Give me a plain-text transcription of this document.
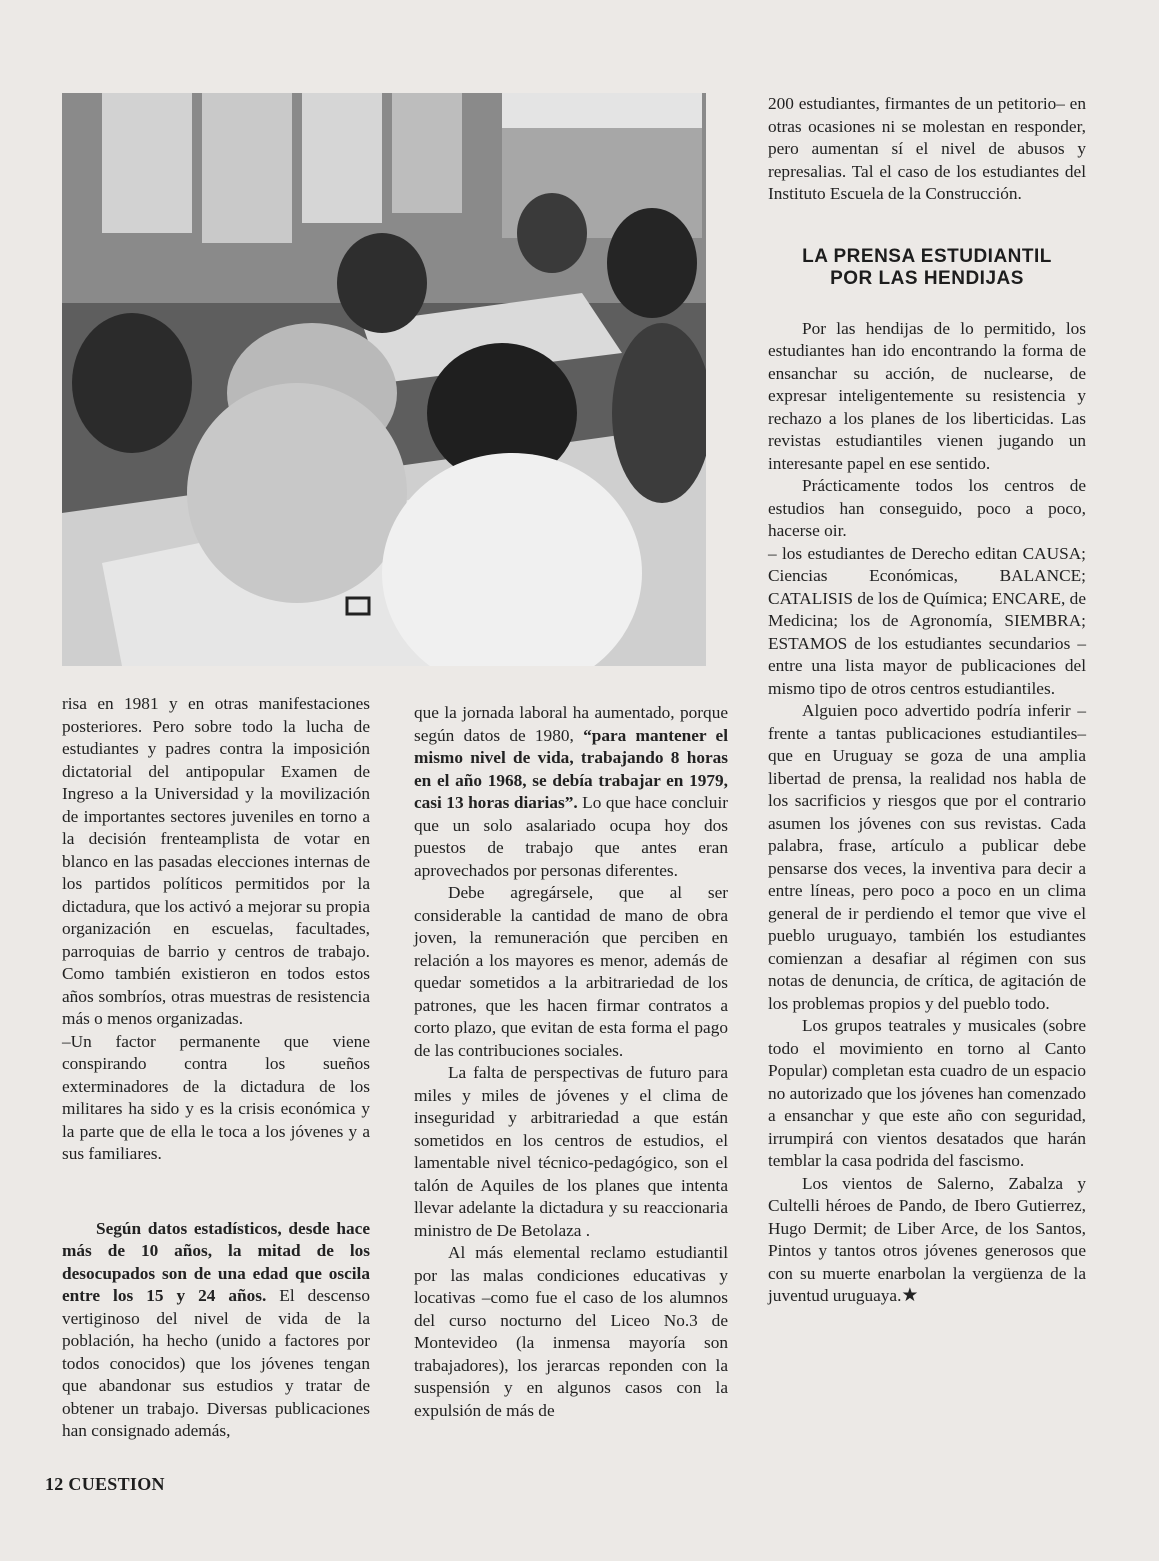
risa en 1981 y en otras manifestaciones posteriores. Pero sobre todo la lucha de estudiantes y padres contra la imposición dictatorial del antipopular Examen de Ingreso a la Universidad y la movilización de importantes sectores juveniles en torno a la decisión frenteamplista de votar en blanco en las pasadas elecciones internas de los partidos políticos permitidos por la dictadura, que los activó a mejorar su propia organización en escuelas, facultades, parroquias de barrio y centros de trabajo. Como también existieron en todos estos años sombríos, otras muestras de resistencia más o menos organizadas.

–Un factor permanente que viene conspirando contra los sueños exterminadores de la dictadura de los militares ha sido y es la crisis económica y la parte que de ella le toca a los jóvenes y a sus familiares.

Según datos estadísticos, desde hace más de 10 años, la mitad de los desocupados son de una edad que oscila entre los 15 y 24 años. El descenso vertiginoso del nivel de vida de la población, ha hecho (unido a factores por todos conocidos) que los jóvenes tengan que abandonar sus estudios y tratar de obtener un trabajo. Diversas publicaciones han consignado además,

que la jornada laboral ha aumentado, porque según datos de 1980, “para mantener el mismo nivel de vida, trabajando 8 horas en el año 1968, se debía trabajar en 1979, casi 13 horas diarias”. Lo que hace concluir que un solo asalariado ocupa hoy dos puestos de trabajo que antes eran aprovechados por personas diferentes.

Debe agregársele, que al ser considerable la cantidad de mano de obra joven, la remuneración que perciben en relación a los mayores es menor, además de quedar sometidos a la arbitrariedad de los patrones, que les hacen firmar contratos a corto plazo, que evitan de esta forma el pago de las contribuciones sociales.

La falta de perspectivas de futuro para miles y miles de jóvenes y el clima de inseguridad y arbitrariedad a que están sometidos en los centros de estudios, el lamentable nivel técnico-pedagógico, son el talón de Aquiles de los planes que intenta llevar adelante la dictadura y su reaccionaria ministro de De Betolaza .

Al más elemental reclamo estudiantil por las malas condiciones educativas y locativas –como fue el caso de los alumnos del curso nocturno del Liceo No.3 de Montevideo (la inmensa mayoría son trabajadores), los jerarcas reponden con la suspensión y en algunos casos con la expulsión de más de

200 estudiantes, firmantes de un petitorio– en otras ocasiones ni se molestan en responder, pero aumentan sí el nivel de abusos y represalias. Tal el caso de los estudiantes del Instituto Escuela de la Construcción.

LA PRENSA ESTUDIANTIL
POR LAS HENDIJAS

Por las hendijas de lo permitido, los estudiantes han ido encontrando la forma de ensanchar su acción, de nuclearse, de expresar inteligentemente su resistencia y rechazo a los planes de los liberticidas. Las revistas estudiantiles vienen jugando un interesante papel en ese sentido.

Prácticamente todos los centros de estudios han conseguido, poco a poco, hacerse oir.

– los estudiantes de Derecho editan CAUSA; Ciencias Económicas, BALANCE; CATALISIS de los de Química; ENCARE, de Medicina; los de Agronomía, SIEMBRA; ESTAMOS de los estudiantes secundarios –entre una lista mayor de publicaciones del mismo tipo de otros centros estudiantiles.

Alguien poco advertido podría inferir –frente a tantas publicaciones estudiantiles– que en Uruguay se goza de una amplia libertad de prensa, la realidad nos habla de los sacrificios y riesgos que por el contrario asumen los jóvenes con sus revistas. Cada palabra, frase, artículo a publicar debe pensarse dos veces, la inventiva para decir a entre líneas, pero poco a poco en un clima general de ir perdiendo el temor que vive el pueblo uruguayo, también los estudiantes comienzan a desafiar al régimen con sus notas de denuncia, de crítica, de agitación de los problemas propios y del pueblo todo.

Los grupos teatrales y musicales (sobre todo el movimiento en torno al Canto Popular) completan esta cuadro de un espacio no autorizado que los jóvenes han comenzado a ensanchar y que este año con seguridad, irrumpirá con vientos desatados que harán temblar la casa podrida del fascismo.

Los vientos de Salerno, Zabalza y Cultelli héroes de Pando, de Ibero Gutierrez, Hugo Dermit; de Liber Arce, de los Santos, Pintos y tantos otros jóvenes generosos que con su muerte enarbolan la vergüenza de la juventud uruguaya.★

12 CUESTION
